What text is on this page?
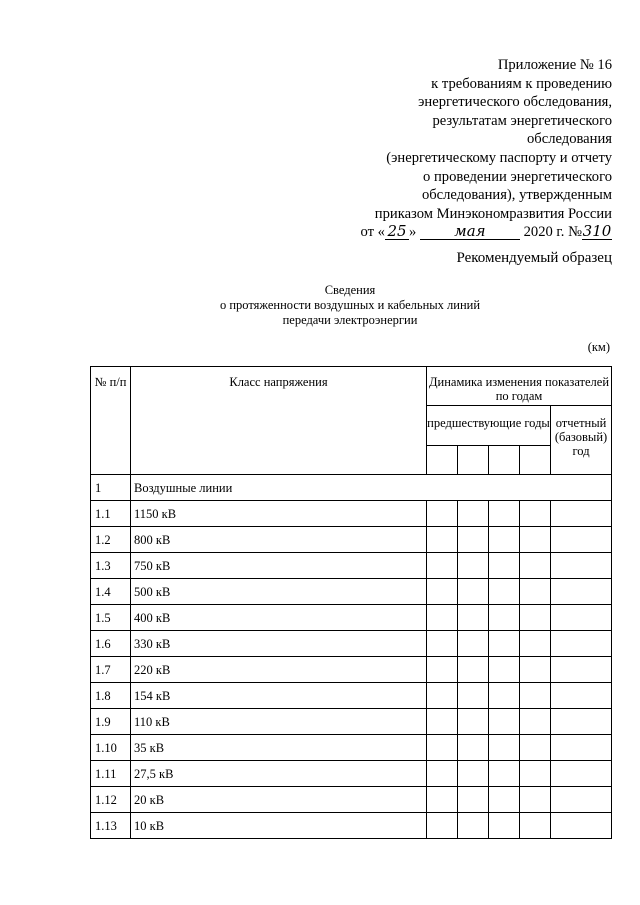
Приложение № 16
к требованиям к проведению
энергетического обследования,
результатам энергетического
обследования
(энергетическому паспорту и отчету
о проведении энергетического
обследования), утвержденным
приказом Минэкономразвития России
от « 25 »	мая	2020 г. №310
Рекомендуемый образец
Сведения
о протяженности воздушных и кабельных линий
передачи электроэнергии
(км)
№ п/п	Класс напряжения	Динамика изменения показателей по годам				
		предшествующие годы				отчетный (базовый) год

1	Воздушные линии					
1.1	1150 кВ					
1.2	800 кВ					
1.3	750 кВ					
1.4	500 кВ					
1.5	400 кВ					
1.6	330 кВ					
1.7	220 кВ					
1.8	154 кВ					
1.9	110 кВ					
1.10	35 кВ					
1.11	27,5 кВ					
1.12	20 кВ					
1.13	10 кВ					
